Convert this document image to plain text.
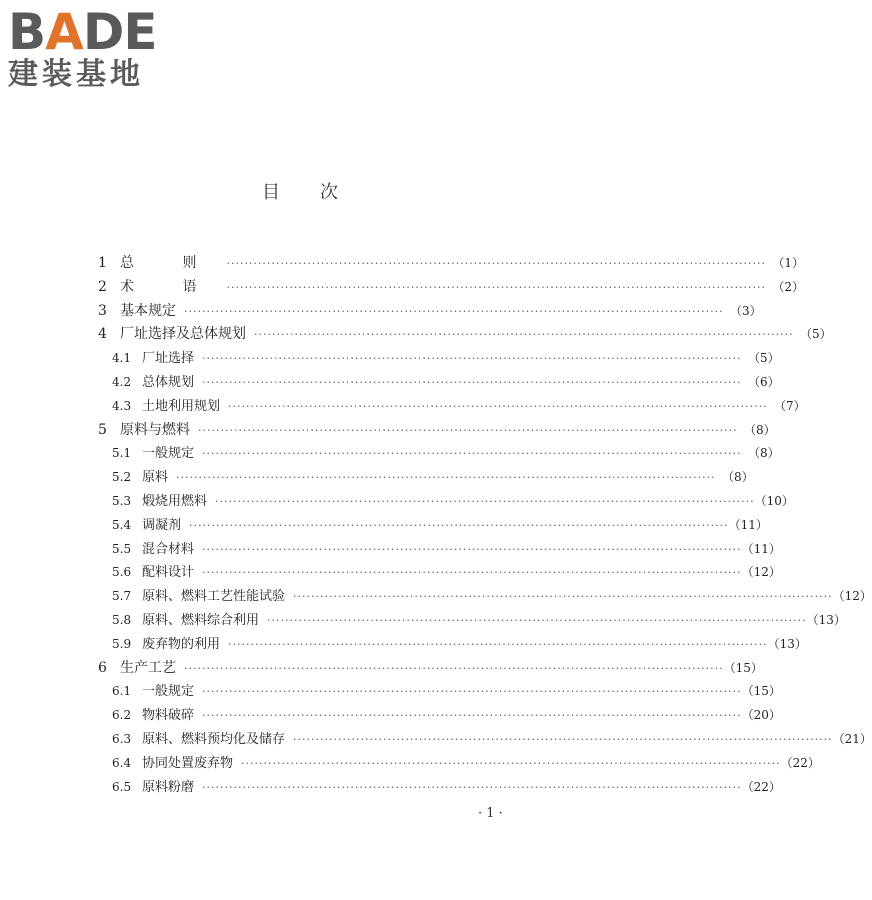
BADE
建装基地
目次
1 总 则 ························································································································ （1）
2 术 语 ························································································································ （2）
3 基本规定 ························································································································ （3）
4 厂址选择及总体规划 ························································································································ （5）
4.1 厂址选择 ························································································································ （5）
4.2 总体规划 ························································································································ （6）
4.3 土地利用规划 ························································································································ （7）
5 原料与燃料 ························································································································ （8）
5.1 一般规定 ························································································································ （8）
5.2 原料 ························································································································ （8）
5.3 煅烧用燃料 ························································································································ （10）
5.4 调凝剂 ························································································································ （11）
5.5 混合材料 ························································································································ （11）
5.6 配料设计 ························································································································ （12）
5.7 原料、燃料工艺性能试验 ························································································································ （12）
5.8 原料、燃料综合利用 ························································································································ （13）
5.9 废弃物的利用 ························································································································ （13）
6 生产工艺 ························································································································ （15）
6.1 一般规定 ························································································································ （15）
6.2 物料破碎 ························································································································ （20）
6.3 原料、燃料预均化及储存 ························································································································ （21）
6.4 协同处置废弃物 ························································································································ （22）
6.5 原料粉磨 ························································································································ （22）
· 1 ·
